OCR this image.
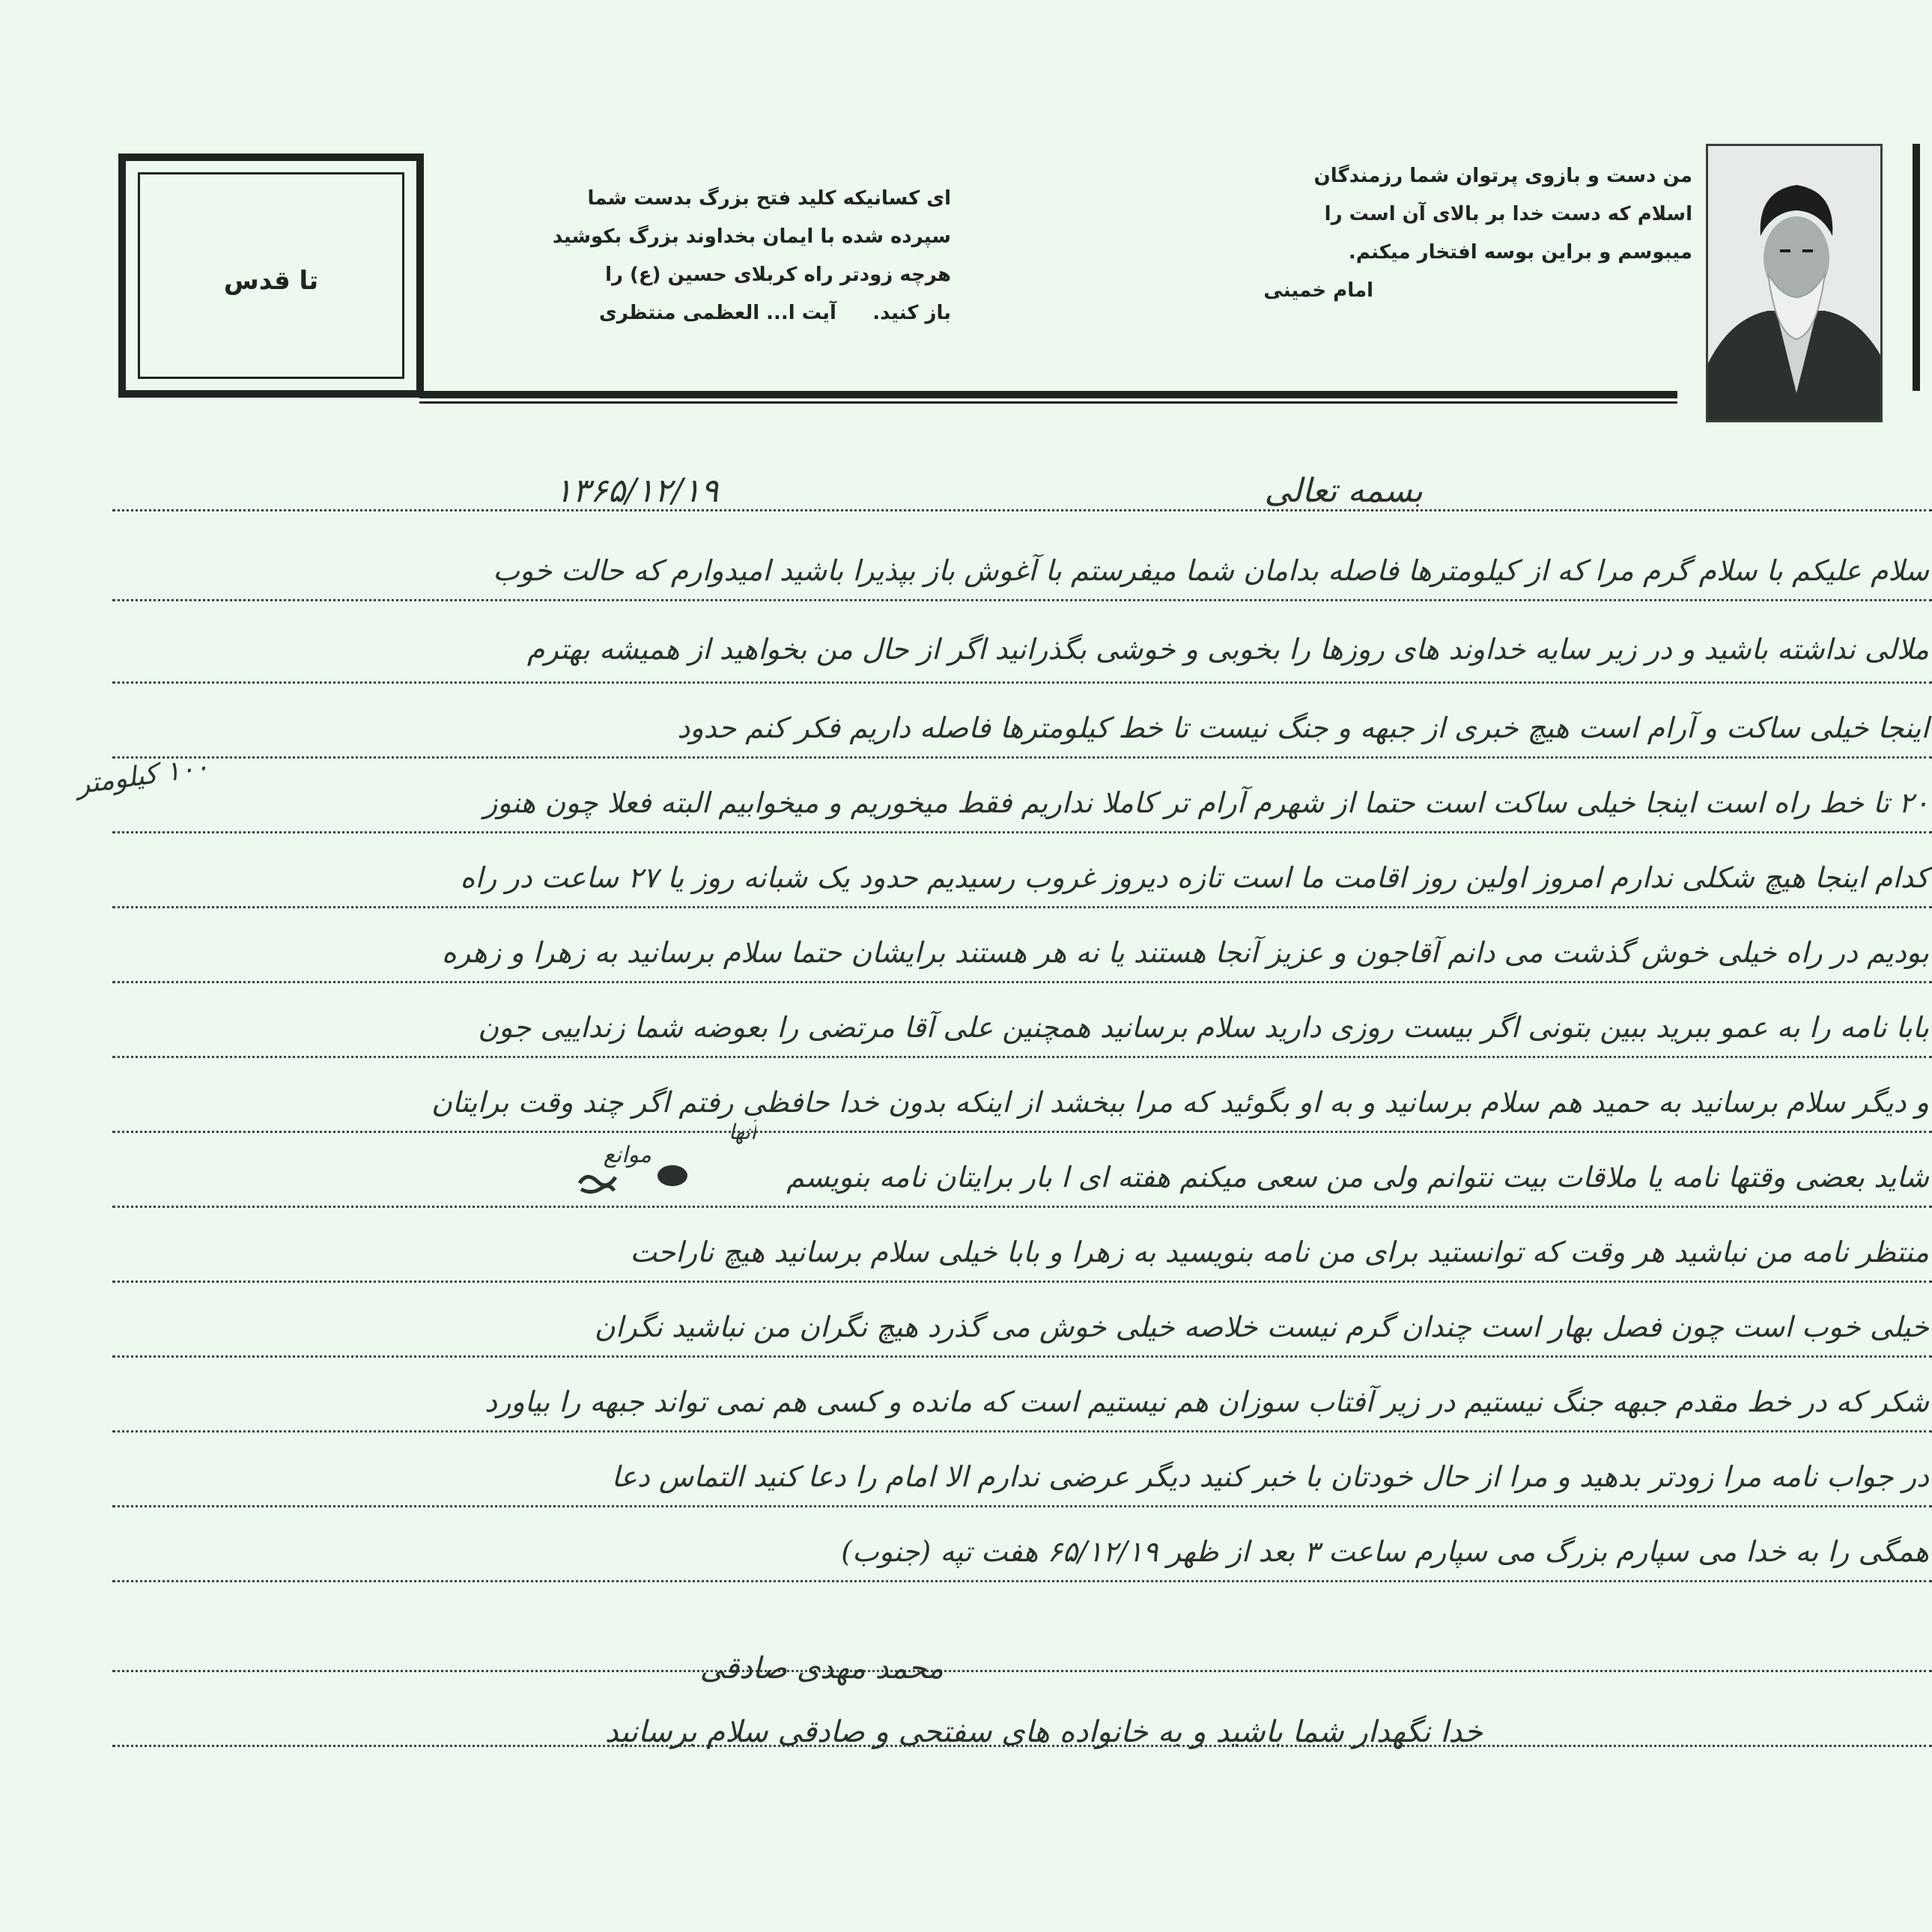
تا قدس
ای کسانیکه کلید فتح بزرگ بدست شما
سپرده شده با ایمان بخداوند بزرگ بکوشید
هرچه زودتر راه کربلای حسین (ع) را
باز کنید.
آیت ا... العظمی منتظری
من دست و بازوی پرتوان شما رزمندگان
اسلام که دست خدا بر بالای آن است را
میبوسم و براین بوسه افتخار میکنم.
امام خمینی
بسمه تعالی
۱۳۶۵/۱۲/۱۹
سلام علیکم با سلام گرم مرا که از کیلومترها فاصله بدامان شما میفرستم با آغوش باز بپذیرا باشید امیدوارم که حالت خوب
ملالی نداشته باشید و در زیر سایه خداوند های روزها را بخوبی و خوشی بگذرانید اگر از حال من بخواهید از همیشه بهترم
اینجا خیلی ساکت و آرام است هیچ خبری از جبهه و جنگ نیست تا خط کیلومترها فاصله داریم فکر کنم حدود
۲۰ تا خط راه است اینجا خیلی ساکت است حتما از شهرم آرام تر کاملا نداریم فقط میخوریم و میخوابیم البته فعلا چون هنوز
کدام اینجا هیچ شکلی ندارم امروز اولین روز اقامت ما است تازه دیروز غروب رسیدیم حدود یک شبانه روز یا ۲۷ ساعت در راه
بودیم در راه خیلی خوش گذشت می دانم آقاجون و عزیز آنجا هستند یا نه هر هستند برایشان حتما سلام برسانید به زهرا و زهره
بابا نامه را به عمو ببرید ببین بتونی اگر بیست روزی دارید سلام برسانید همچنین علی آقا مرتضی را بعوضه شما زنداییی جون
و دیگر سلام برسانید به حمید هم سلام برسانید و به او بگوئید که مرا ببخشد از اینکه بدون خدا حافظی رفتم اگر چند وقت برایتان
شاید بعضی وقتها نامه یا ملاقات بیت نتوانم ولی من سعی میکنم هفته ای ا بار برایتان نامه بنویسم
منتظر نامه من نباشید هر وقت که توانستید برای من نامه بنویسید به زهرا و بابا خیلی سلام برسانید هیچ ناراحت
خیلی خوب است چون فصل بهار است چندان گرم نیست خلاصه خیلی خوش می گذرد هیچ نگران من نباشید نگران
شکر که در خط مقدم جبهه جنگ نیستیم در زیر آفتاب سوزان هم نیستیم است که مانده و کسی هم نمی تواند جبهه را بیاورد
در جواب نامه مرا زودتر بدهید و مرا از حال خودتان با خبر کنید دیگر عرضی ندارم الا امام را دعا کنید التماس دعا
همگی را به خدا می سپارم بزرگ می سپارم ساعت ۳ بعد از ظهر ۶۵/۱۲/۱۹ هفت تپه (جنوب)
۱۰۰ کیلومتر
موانع
آنها
محمد مهدی صادقی
خدا نگهدار شما باشید و به خانواده های سفتحی و صادقی سلام برسانید
